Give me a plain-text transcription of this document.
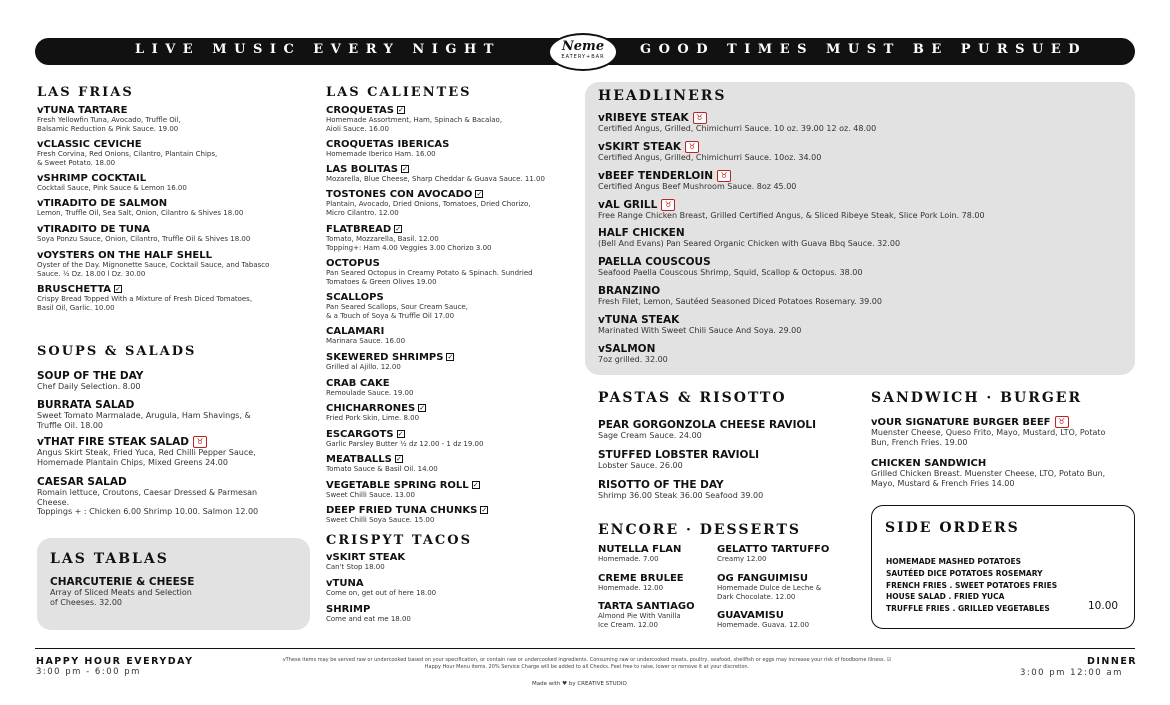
LIVE MUSIC EVERY NIGHT	GOOD TIMES MUST BE PURSUED
Neme
EATERY+BAR
LAS FRIAS
ᴠTUNA TARTARE
Fresh Yellowfin Tuna, Avocado, Truffle Oil,
Balsamic Reduction & Pink Sauce. 19.00
ᴠCLASSIC CEVICHE
Fresh Corvina, Red Onions, Cilantro, Plantain Chips,
& Sweet Potato. 18.00
ᴠSHRIMP COCKTAIL
Cocktail Sauce, Pink Sauce & Lemon 16.00
ᴠTIRADITO DE SALMON
Lemon, Truffle Oil, Sea Salt, Onion, Cilantro & Shives 18.00
ᴠTIRADITO DE TUNA
Soya Ponzu Sauce, Onion, Cilantro, Truffle Oil & Shives 18.00
ᴠOYSTERS ON THE HALF SHELL
Oyster of the Day. Mignonette Sauce, Cocktail Sauce, and Tabasco
Sauce. ½ Dz. 18.00 l Dz. 30.00
BRUSCHETTA ✓
Crispy Bread Topped With a Mixture of Fresh Diced Tomatoes,
Basil Oil, Garlic. 10.00
SOUPS & SALADS
SOUP OF THE DAY
Chef Daily Selection. 8.00
BURRATA SALAD
Sweet Tomato Marmalade, Arugula, Ham Shavings, &
Truffle Oil. 18.00
ᴠTHAT FIRE STEAK SALAD ♉
Angus Skirt Steak, Fried Yuca, Red Chilli Pepper Sauce,
Homemade Plantain Chips, Mixed Greens 24.00
CAESAR SALAD
Romain lettuce, Croutons, Caesar Dressed & Parmesan
Cheese.
Toppings + : Chicken 6.00 Shrimp 10.00. Salmon 12.00
LAS TABLAS
CHARCUTERIE & CHEESE
Array of Sliced Meats and Selection
of Cheeses. 32.00
LAS CALIENTES
CROQUETAS ✓
Homemade Assortment, Ham, Spinach & Bacalao,
Aioli Sauce. 16.00
CROQUETAS IBERICAS
Homemade Iberico Ham. 16.00
LAS BOLITAS ✓
Mozarella, Blue Cheese, Sharp Cheddar & Guava Sauce. 11.00
TOSTONES CON AVOCADO ✓
Plantain, Avocado, Dried Onions, Tomatoes, Dried Chorizo,
Micro Cilantro. 12.00
FLATBREAD ✓
Tomato, Mozzarella, Basil. 12.00
Topping+: Ham 4.00 Veggies 3.00 Chorizo 3.00
OCTOPUS
Pan Seared Octopus in Creamy Potato & Spinach. Sundried
Tomatoes & Green Olives 19.00
SCALLOPS
Pan Seared Scallops, Sour Cream Sauce,
& a Touch of Soya & Truffle Oil 17.00
CALAMARI
Marinara Sauce. 16.00
SKEWERED SHRIMPS ✓
Grilled al Ajillo. 12.00
CRAB CAKE
Remoulade Sauce. 19.00
CHICHARRONES ✓
Fried Pork Skin, Lime. 8.00
ESCARGOTS ✓
Garlic Parsley Butter ½ dz 12.00 - 1 dz 19.00
MEATBALLS ✓
Tomato Sauce & Basil Oil. 14.00
VEGETABLE SPRING ROLL ✓
Sweet Chilli Sauce. 13.00
DEEP FRIED TUNA CHUNKS ✓
Sweet Chilli Soya Sauce. 15.00
CRISPYT TACOS
ᴠSKIRT STEAK
Can't Stop 18.00
ᴠTUNA
Come on, get out of here 18.00
SHRIMP
Come and eat me 18.00
HEADLINERS
ᴠRIBEYE STEAK ♉
Certified Angus, Grilled, Chimichurri Sauce. 10 oz. 39.00 12 oz. 48.00
ᴠSKIRT STEAK ♉
Certified Angus, Grilled, Chimichurri Sauce. 10oz. 34.00
ᴠBEEF TENDERLOIN ♉
Certified Angus Beef Mushroom Sauce. 8oz 45.00
ᴠAL GRILL ♉
Free Range Chicken Breast, Grilled Certified Angus, & Sliced Ribeye Steak, Slice Pork Loin. 78.00
HALF CHICKEN
(Bell And Evans) Pan Seared Organic Chicken with Guava Bbq Sauce. 32.00
PAELLA COUSCOUS
Seafood Paella Couscous Shrimp, Squid, Scallop & Octopus. 38.00
BRANZINO
Fresh Filet, Lemon, Sautéed Seasoned Diced Potatoes Rosemary. 39.00
ᴠTUNA STEAK
Marinated With Sweet Chili Sauce And Soya. 29.00
ᴠSALMON
7oz grilled. 32.00
PASTAS & RISOTTO
PEAR GORGONZOLA CHEESE RAVIOLI
Sage Cream Sauce. 24.00
STUFFED LOBSTER RAVIOLI
Lobster Sauce. 26.00
RISOTTO OF THE DAY
Shrimp 36.00 Steak 36.00 Seafood 39.00
ENCORE · DESSERTS
NUTELLA FLAN
Homemade. 7.00
GELATTO TARTUFFO
Creamy 12.00
CREME BRULEE
Homemade. 12.00
OG FANGUIMISU
Homemade Dulce de Leche &
Dark Chocolate. 12.00
TARTA SANTIAGO
Almond Pie With Vanilla
Ice Cream. 12.00
GUAVAMISU
Homemade. Guava. 12.00
SANDWICH · BURGER
ᴠOUR SIGNATURE BURGER BEEF ♉
Muenster Cheese, Queso Frito, Mayo, Mustard, LTO, Potato
Bun, French Fries. 19.00
CHICKEN SANDWICH
Grilled Chicken Breast. Muenster Cheese, LTO, Potato Bun,
Mayo, Mustard & French Fries 14.00
SIDE ORDERS
HOMEMADE MASHED POTATOES
SAUTÉED DICE POTATOES ROSEMARY
FRENCH FRIES . SWEET POTATOES FRIES
HOUSE SALAD . FRIED YUCA
TRUFFLE FRIES . GRILLED VEGETABLES	10.00
HAPPY HOUR EVERYDAY
3:00 pm - 6:00 pm
ᴠThese items may be served raw or undercooked based on your specification, or contain raw or undercooked ingredients. Consuming raw or undercooked meats, poultry, seafood, shellfish or eggs may increase your risk of foodborne illness. ☑ Happy Hour Menu items. 20% Service Charge will be added to all Checks. Feel free to raise, lower or remove it at your discretion.
Made with ♥ by CREATIVE STUDIO
DINNER
3:00 pm 12:00 am
